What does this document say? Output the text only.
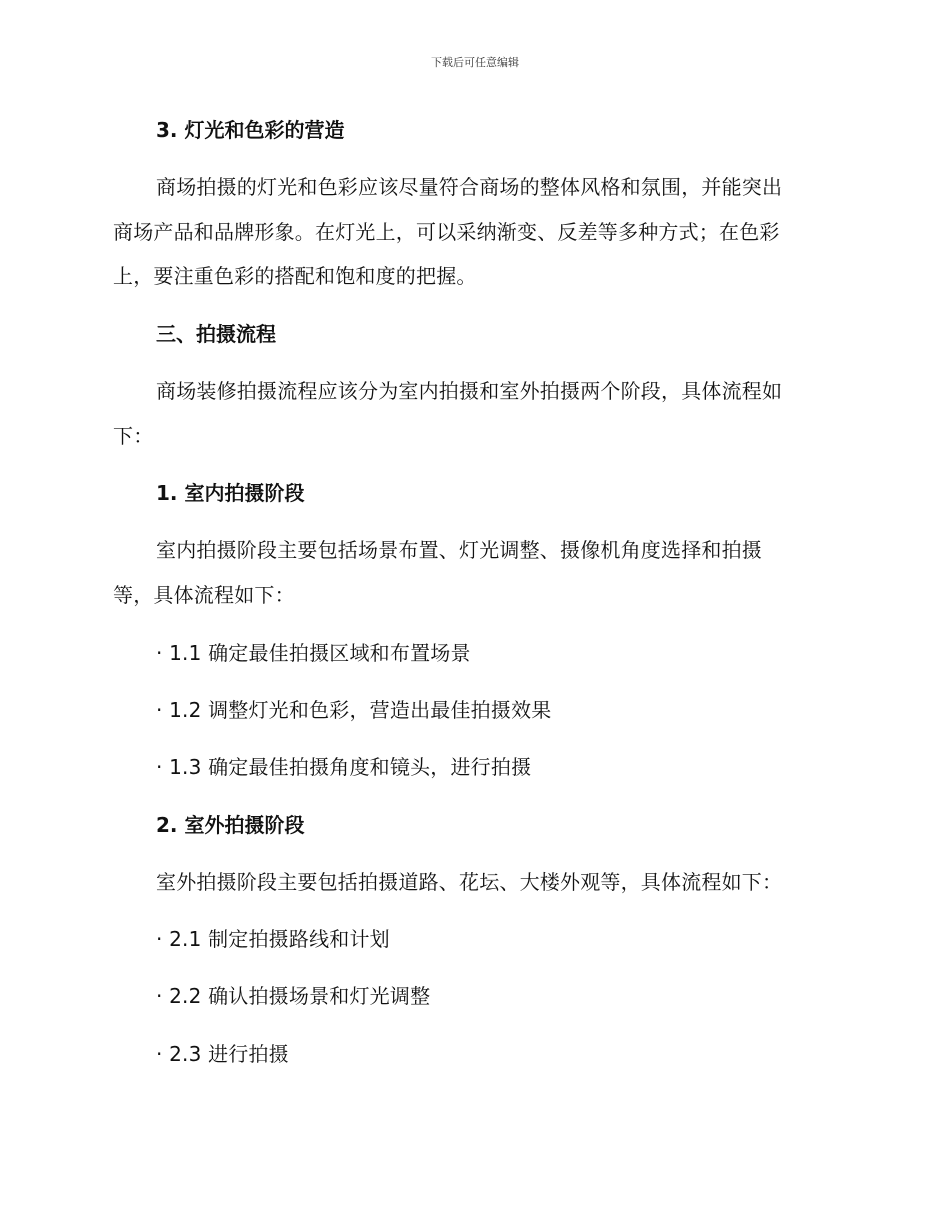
下载后可任意编辑
3. 灯光和色彩的营造
商场拍摄的灯光和色彩应该尽量符合商场的整体风格和氛围，并能突出
商场产品和品牌形象。在灯光上，可以采纳渐变、反差等多种方式；在色彩
上，要注重色彩的搭配和饱和度的把握。
三、拍摄流程
商场装修拍摄流程应该分为室内拍摄和室外拍摄两个阶段，具体流程如
下：
1. 室内拍摄阶段
室内拍摄阶段主要包括场景布置、灯光调整、摄像机角度选择和拍摄
等，具体流程如下：
· 1.1 确定最佳拍摄区域和布置场景
· 1.2 调整灯光和色彩，营造出最佳拍摄效果
· 1.3 确定最佳拍摄角度和镜头，进行拍摄
2. 室外拍摄阶段
室外拍摄阶段主要包括拍摄道路、花坛、大楼外观等，具体流程如下：
· 2.1 制定拍摄路线和计划
· 2.2 确认拍摄场景和灯光调整
· 2.3 进行拍摄
